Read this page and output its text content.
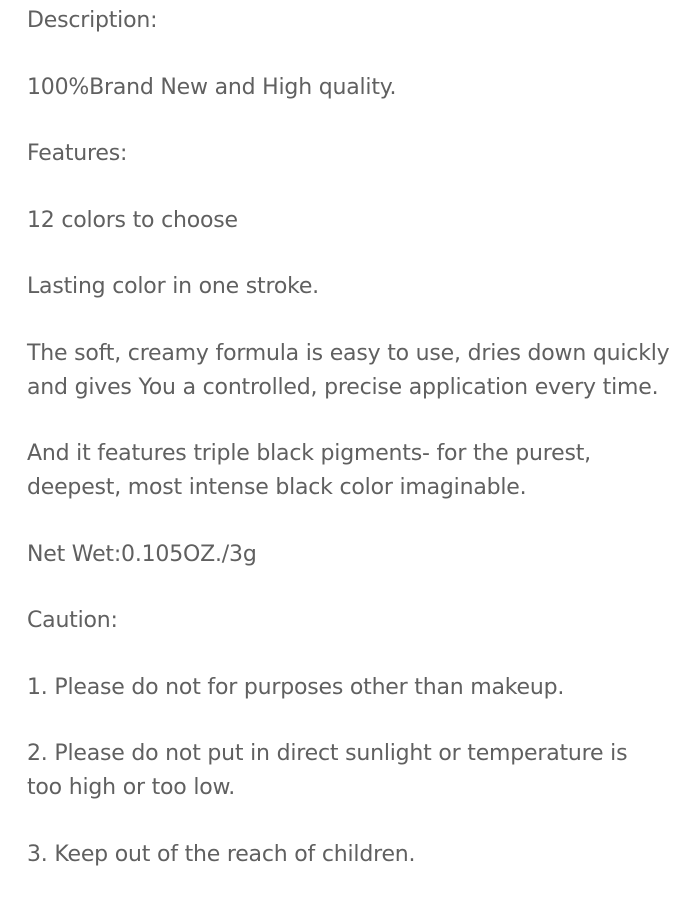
Description:

100%Brand New and High quality.

Features:

12 colors to choose

Lasting color in one stroke.

The soft, creamy formula is easy to use, dries down quickly
and gives You a controlled, precise application every time.

And it features triple black pigments- for the purest,
deepest, most intense black color imaginable.

Net Wet:0.105OZ./3g

Caution:

1. Please do not for purposes other than makeup.

2. Please do not put in direct sunlight or temperature is
too high or too low.

3. Keep out of the reach of children.
